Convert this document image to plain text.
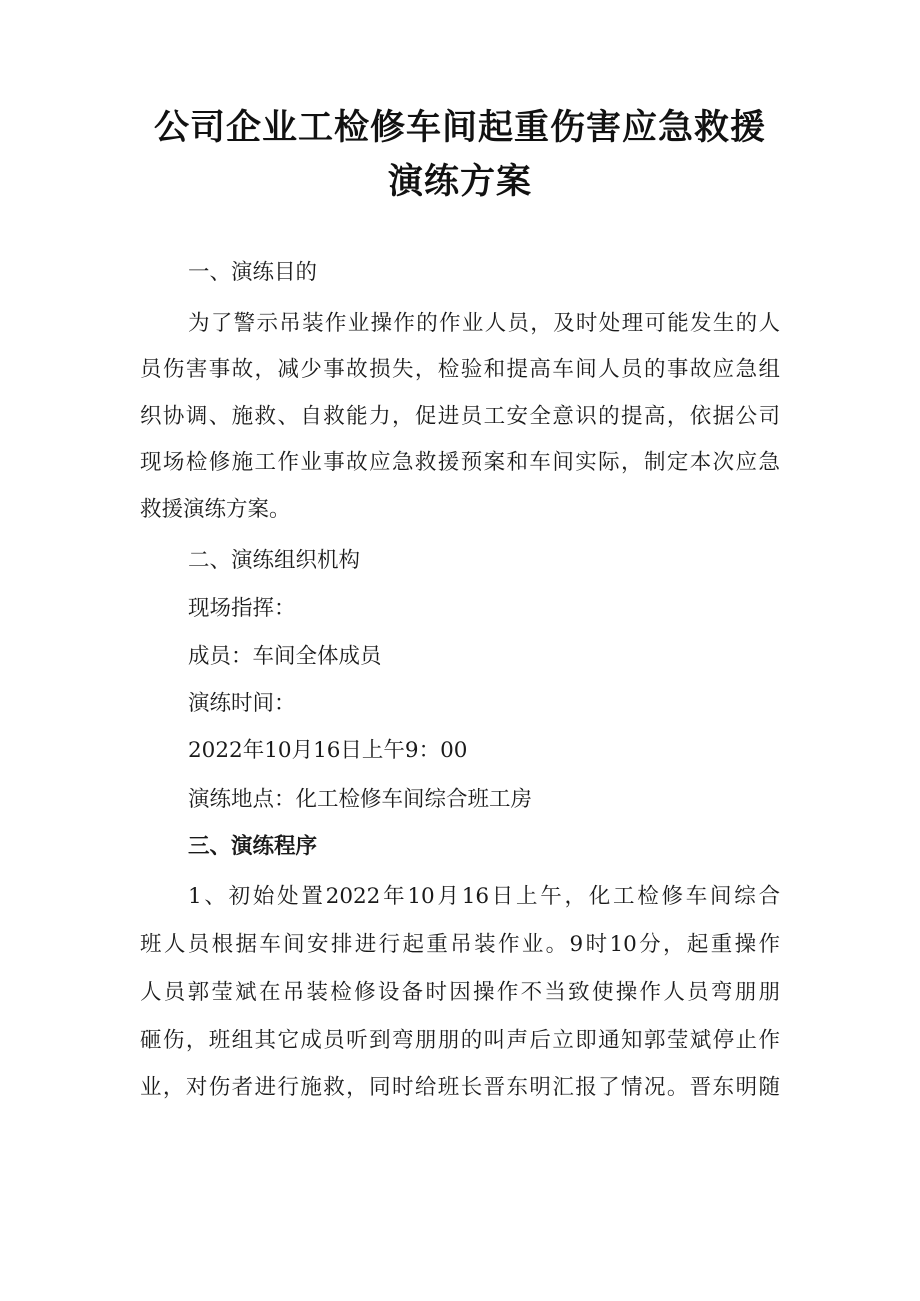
公司企业工检修车间起重伤害应急救援
演练方案

一、演练目的

为了警示吊装作业操作的作业人员，及时处理可能发生的人

员伤害事故，减少事故损失，检验和提高车间人员的事故应急组

织协调、施救、自救能力，促进员工安全意识的提高，依据公司

现场检修施工作业事故应急救援预案和车间实际，制定本次应急

救援演练方案。

二、演练组织机构

现场指挥：

成员：车间全体成员

演练时间：

2022年10月16日上午9：00

演练地点：化工检修车间综合班工房

三、演练程序

1、初始处置2022年10月16日上午，化工检修车间综合

班人员根据车间安排进行起重吊装作业。9时10分，起重操作

人员郭莹斌在吊装检修设备时因操作不当致使操作人员弯朋朋

砸伤，班组其它成员听到弯朋朋的叫声后立即通知郭莹斌停止作

业，对伤者进行施救，同时给班长晋东明汇报了情况。晋东明随
